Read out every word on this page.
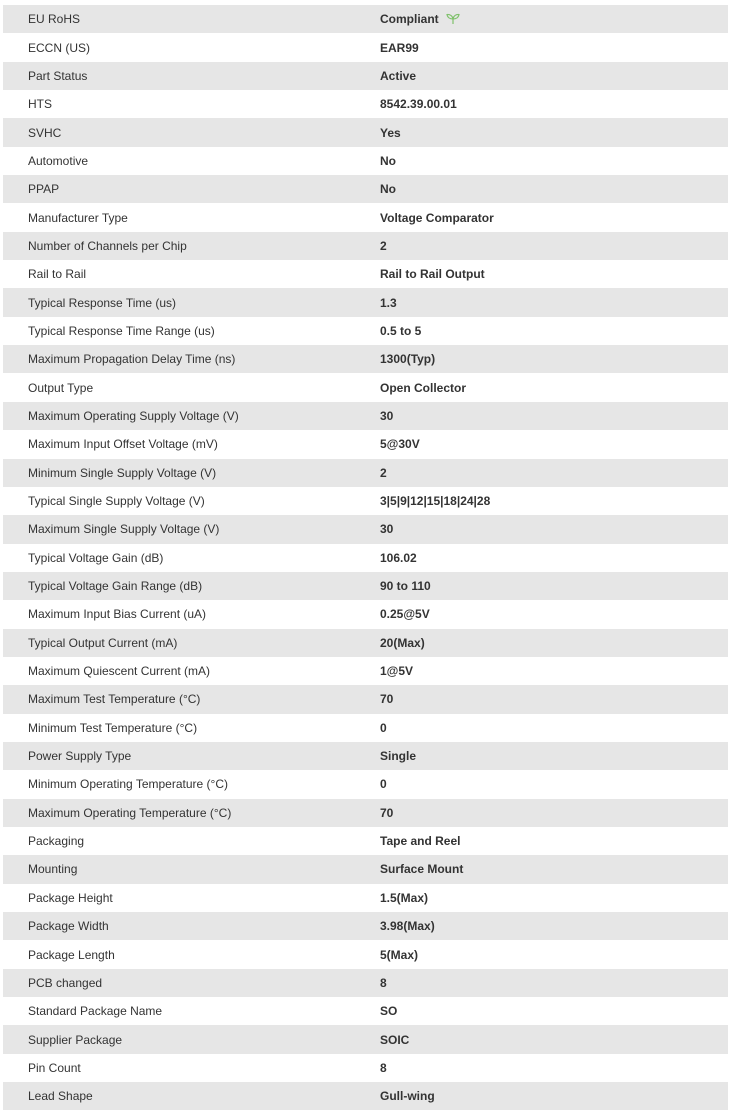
EU RoHS	Compliant
ECCN (US)	EAR99
Part Status	Active
HTS	8542.39.00.01
SVHC	Yes
Automotive	No
PPAP	No
Manufacturer Type	Voltage Comparator
Number of Channels per Chip	2
Rail to Rail	Rail to Rail Output
Typical Response Time (us)	1.3
Typical Response Time Range (us)	0.5 to 5
Maximum Propagation Delay Time (ns)	1300(Typ)
Output Type	Open Collector
Maximum Operating Supply Voltage (V)	30
Maximum Input Offset Voltage (mV)	5@30V
Minimum Single Supply Voltage (V)	2
Typical Single Supply Voltage (V)	3|5|9|12|15|18|24|28
Maximum Single Supply Voltage (V)	30
Typical Voltage Gain (dB)	106.02
Typical Voltage Gain Range (dB)	90 to 110
Maximum Input Bias Current (uA)	0.25@5V
Typical Output Current (mA)	20(Max)
Maximum Quiescent Current (mA)	1@5V
Maximum Test Temperature (°C)	70
Minimum Test Temperature (°C)	0
Power Supply Type	Single
Minimum Operating Temperature (°C)	0
Maximum Operating Temperature (°C)	70
Packaging	Tape and Reel
Mounting	Surface Mount
Package Height	1.5(Max)
Package Width	3.98(Max)
Package Length	5(Max)
PCB changed	8
Standard Package Name	SO
Supplier Package	SOIC
Pin Count	8
Lead Shape	Gull-wing
